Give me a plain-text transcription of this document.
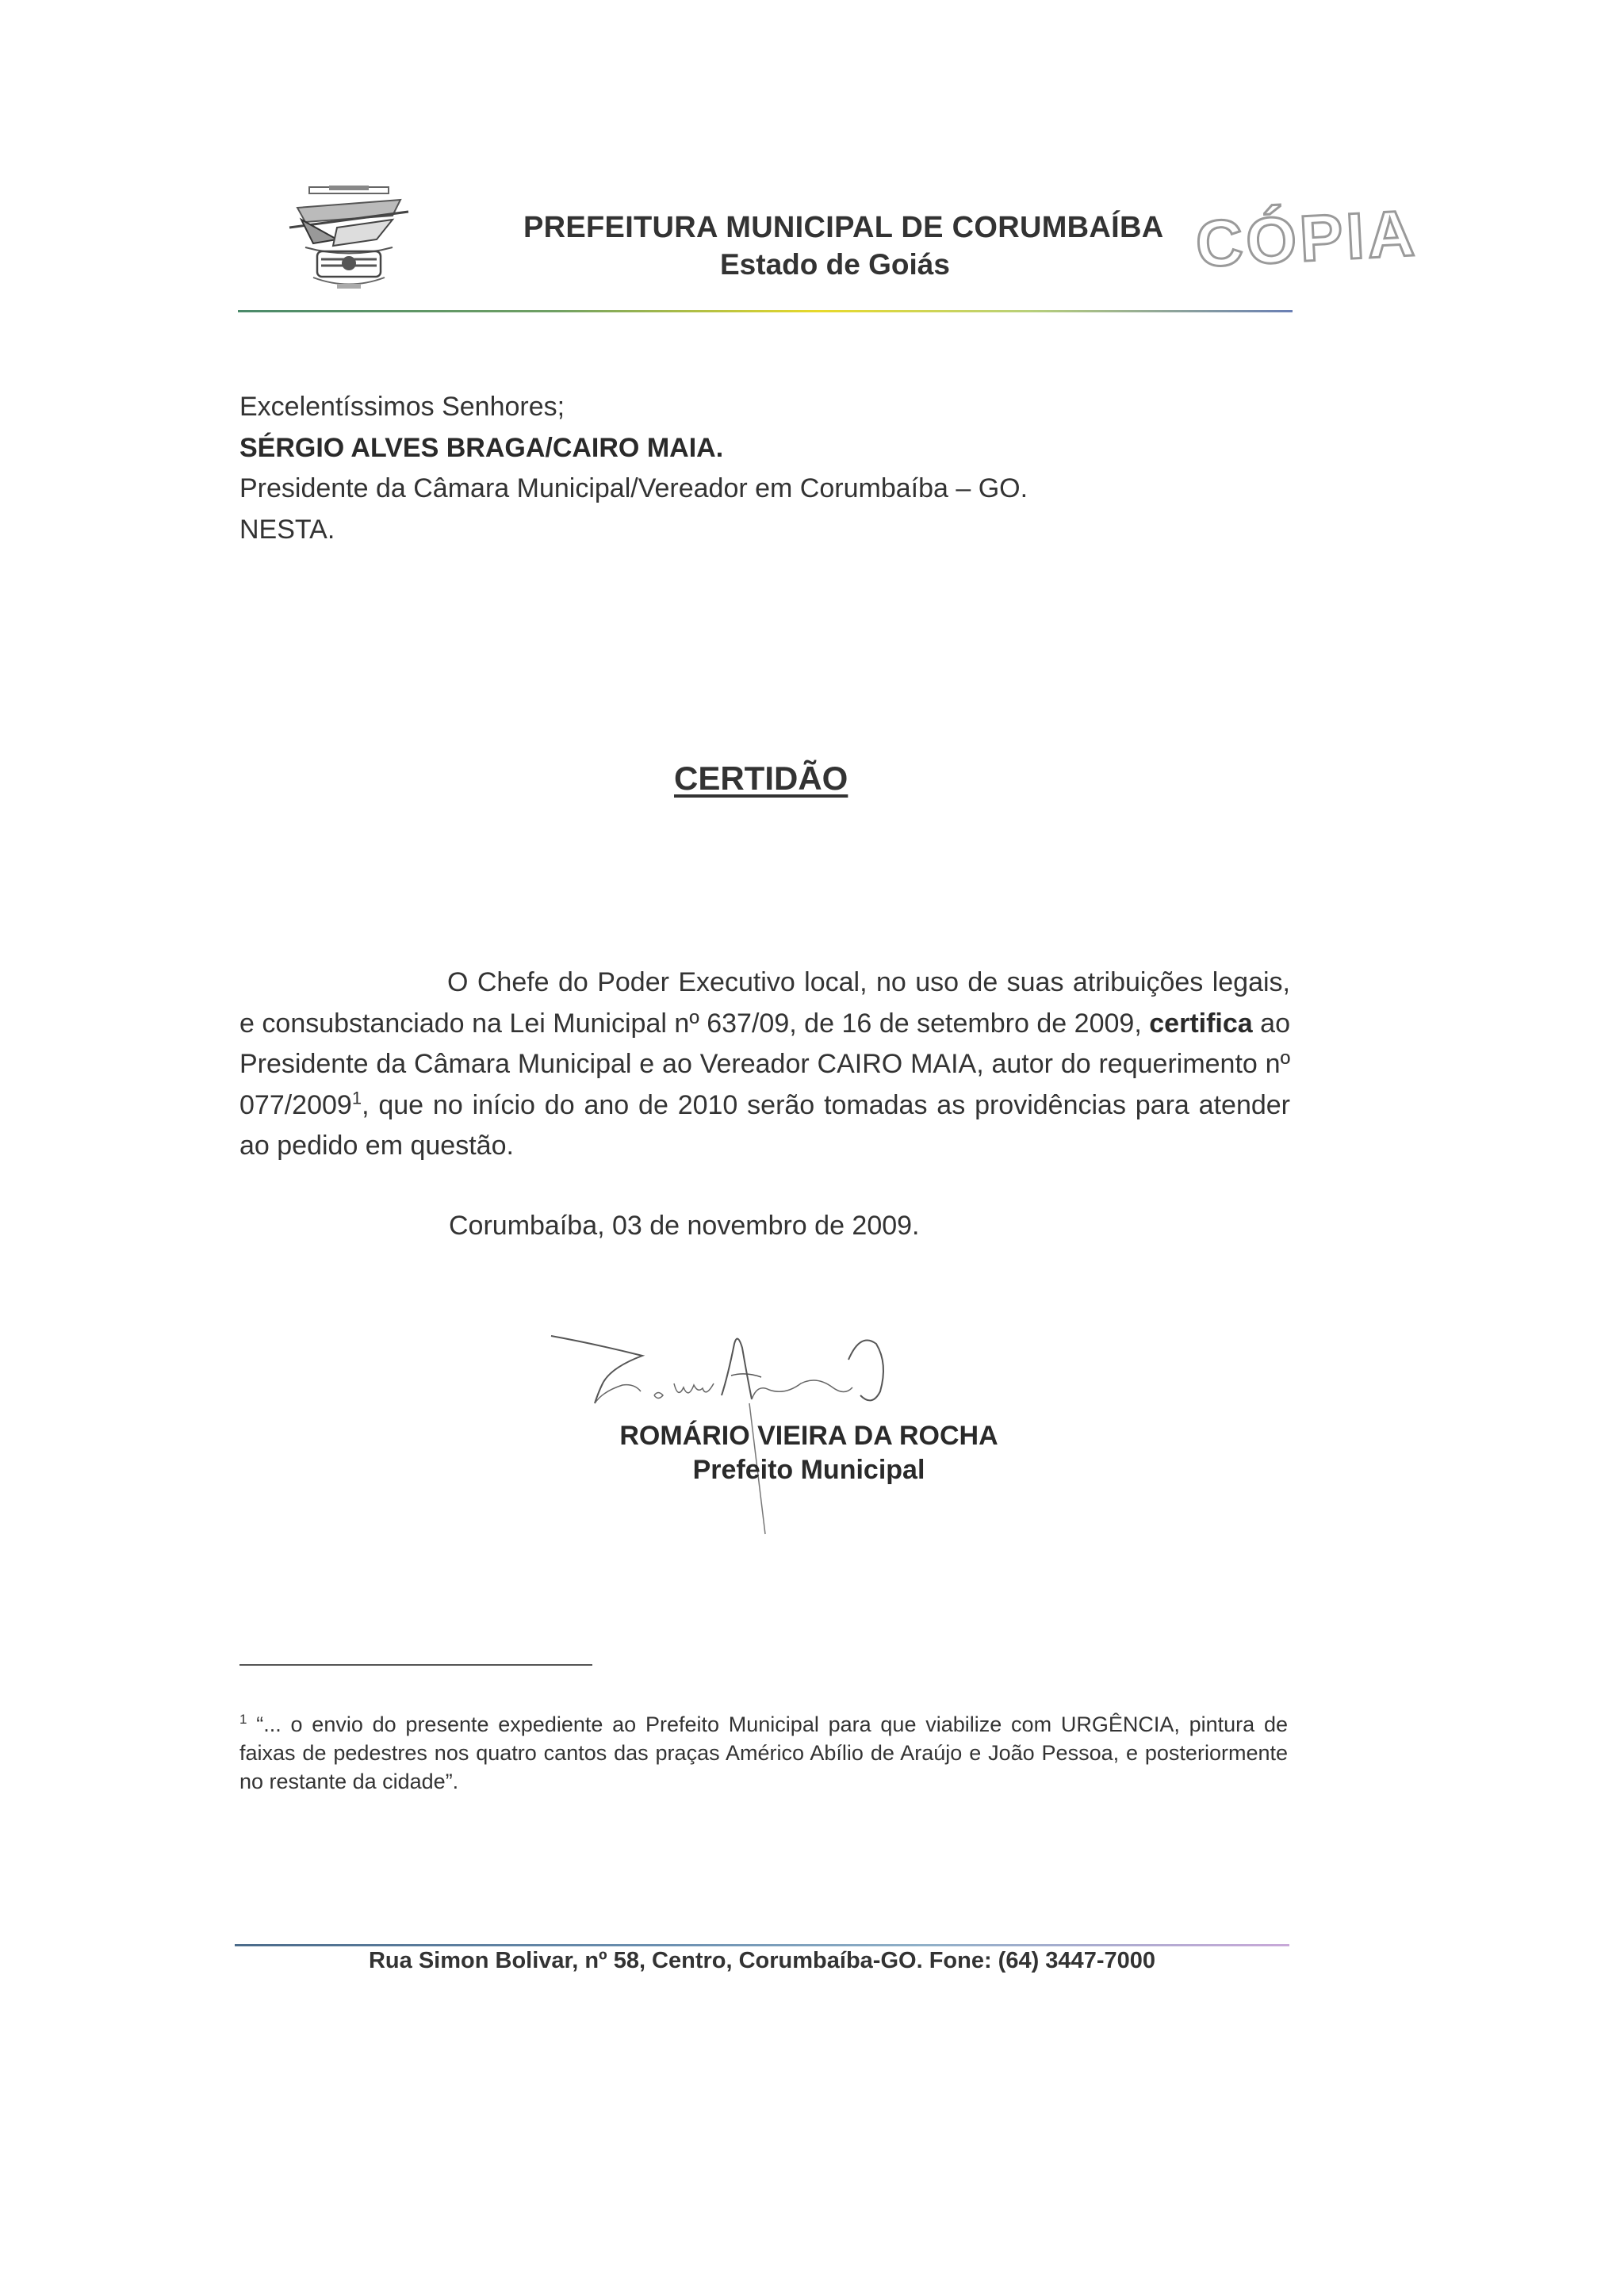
PREFEITURA MUNICIPAL DE CORUMBAÍBA
Estado de Goiás	CÓPIA
Excelentíssimos Senhores;
SÉRGIO ALVES BRAGA/CAIRO MAIA.
Presidente da Câmara Municipal/Vereador em Corumbaíba – GO.
NESTA.
CERTIDÃO
O Chefe do Poder Executivo local, no uso de suas atribuições legais, e consubstanciado na Lei Municipal nº 637/09, de 16 de setembro de 2009, certifica ao Presidente da Câmara Municipal e ao Vereador CAIRO MAIA, autor do requerimento nº 077/2009$^1$, que no início do ano de 2010 serão tomadas as providências para atender ao pedido em questão.
Corumbaíba, 03 de novembro de 2009.
ROMÁRIO VIEIRA DA ROCHA
Prefeito Municipal
$^1$ “... o envio do presente expediente ao Prefeito Municipal para que viabilize com URGÊNCIA, pintura de faixas de pedestres nos quatro cantos das praças Américo Abílio de Araújo e João Pessoa, e posteriormente no restante da cidade”.
Rua Simon Bolivar, nº 58, Centro, Corumbaíba-GO. Fone: (64) 3447-7000
